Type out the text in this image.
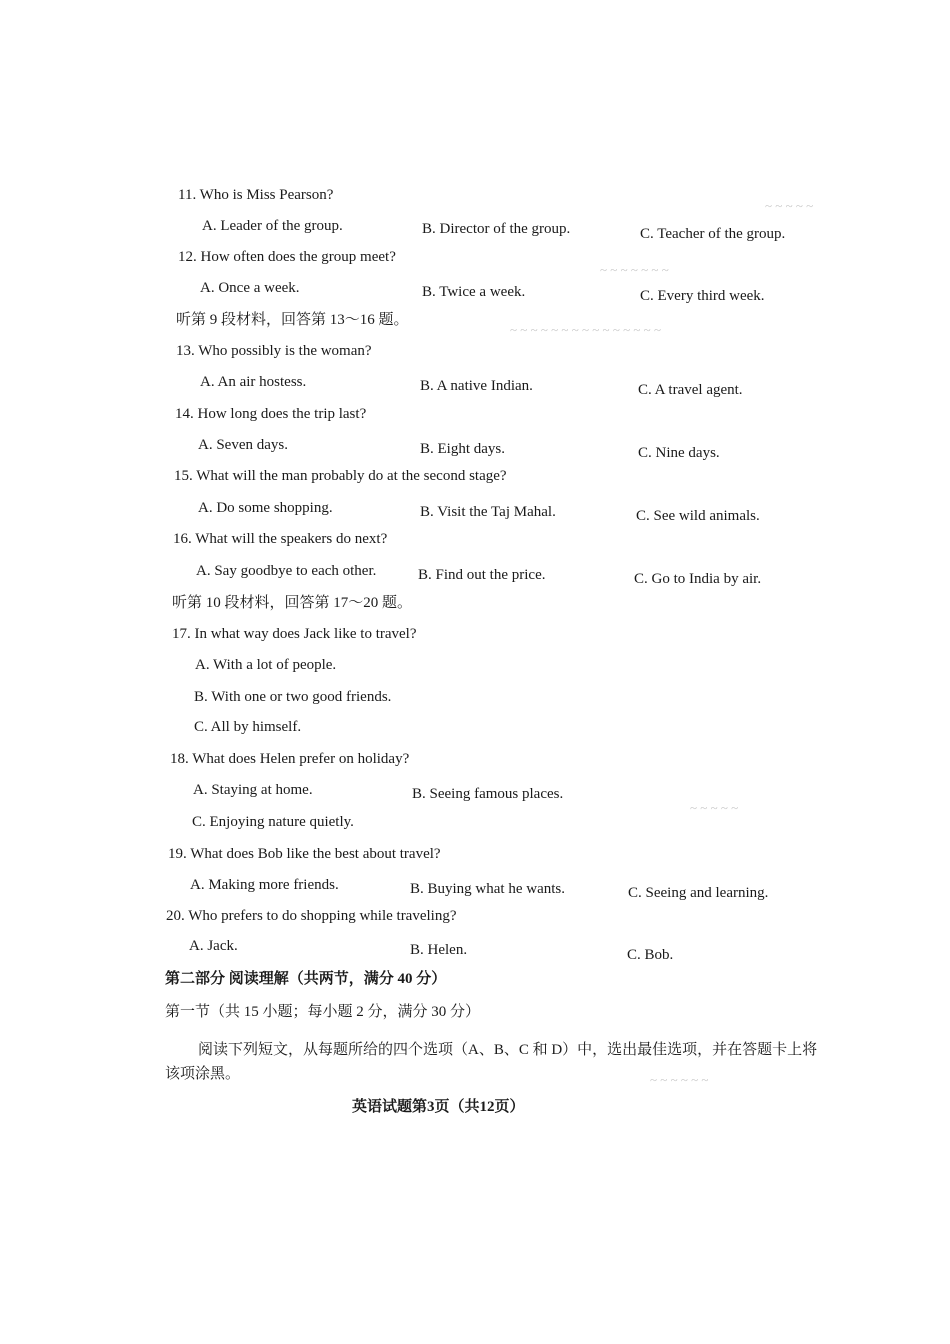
~ ~ ~ ~ ~
~ ~ ~ ~ ~ ~ ~
~ ~ ~ ~ ~ ~ ~ ~ ~ ~ ~ ~ ~ ~ ~
~ ~ ~ ~ ~
~ ~ ~ ~ ~ ~
11. Who is Miss Pearson?
A. Leader of the group.	B. Director of the group.	C. Teacher of the group.
12. How often does the group meet?
A. Once a week.	B. Twice a week.	C. Every third week.
听第 9 段材料，回答第 13～16 题。
13. Who possibly is the woman?
A. An air hostess.	B. A native Indian.	C. A travel agent.
14. How long does the trip last?
A. Seven days.	B. Eight days.	C. Nine days.
15. What will the man probably do at the second stage?
A. Do some shopping.	B. Visit the Taj Mahal.	C. See wild animals.
16. What will the speakers do next?
A. Say goodbye to each other.	B. Find out the price.	C. Go to India by air.
听第 10 段材料，回答第 17～20 题。
17. In what way does Jack like to travel?
A. With a lot of people.
B. With one or two good friends.
C. All by himself.
18. What does Helen prefer on holiday?
A. Staying at home.	B. Seeing famous places.
C. Enjoying nature quietly.
19. What does Bob like the best about travel?
A. Making more friends.	B. Buying what he wants.	C. Seeing and learning.
20. Who prefers to do shopping while traveling?
A. Jack.	B. Helen.	C. Bob.
第二部分 阅读理解（共两节，满分 40 分）
第一节（共 15 小题；每小题 2 分，满分 30 分）
阅读下列短文，从每题所给的四个选项（A、B、C 和 D）中，选出最佳选项，并在答题卡上将
该项涂黑。
英语试题第3页（共12页）
